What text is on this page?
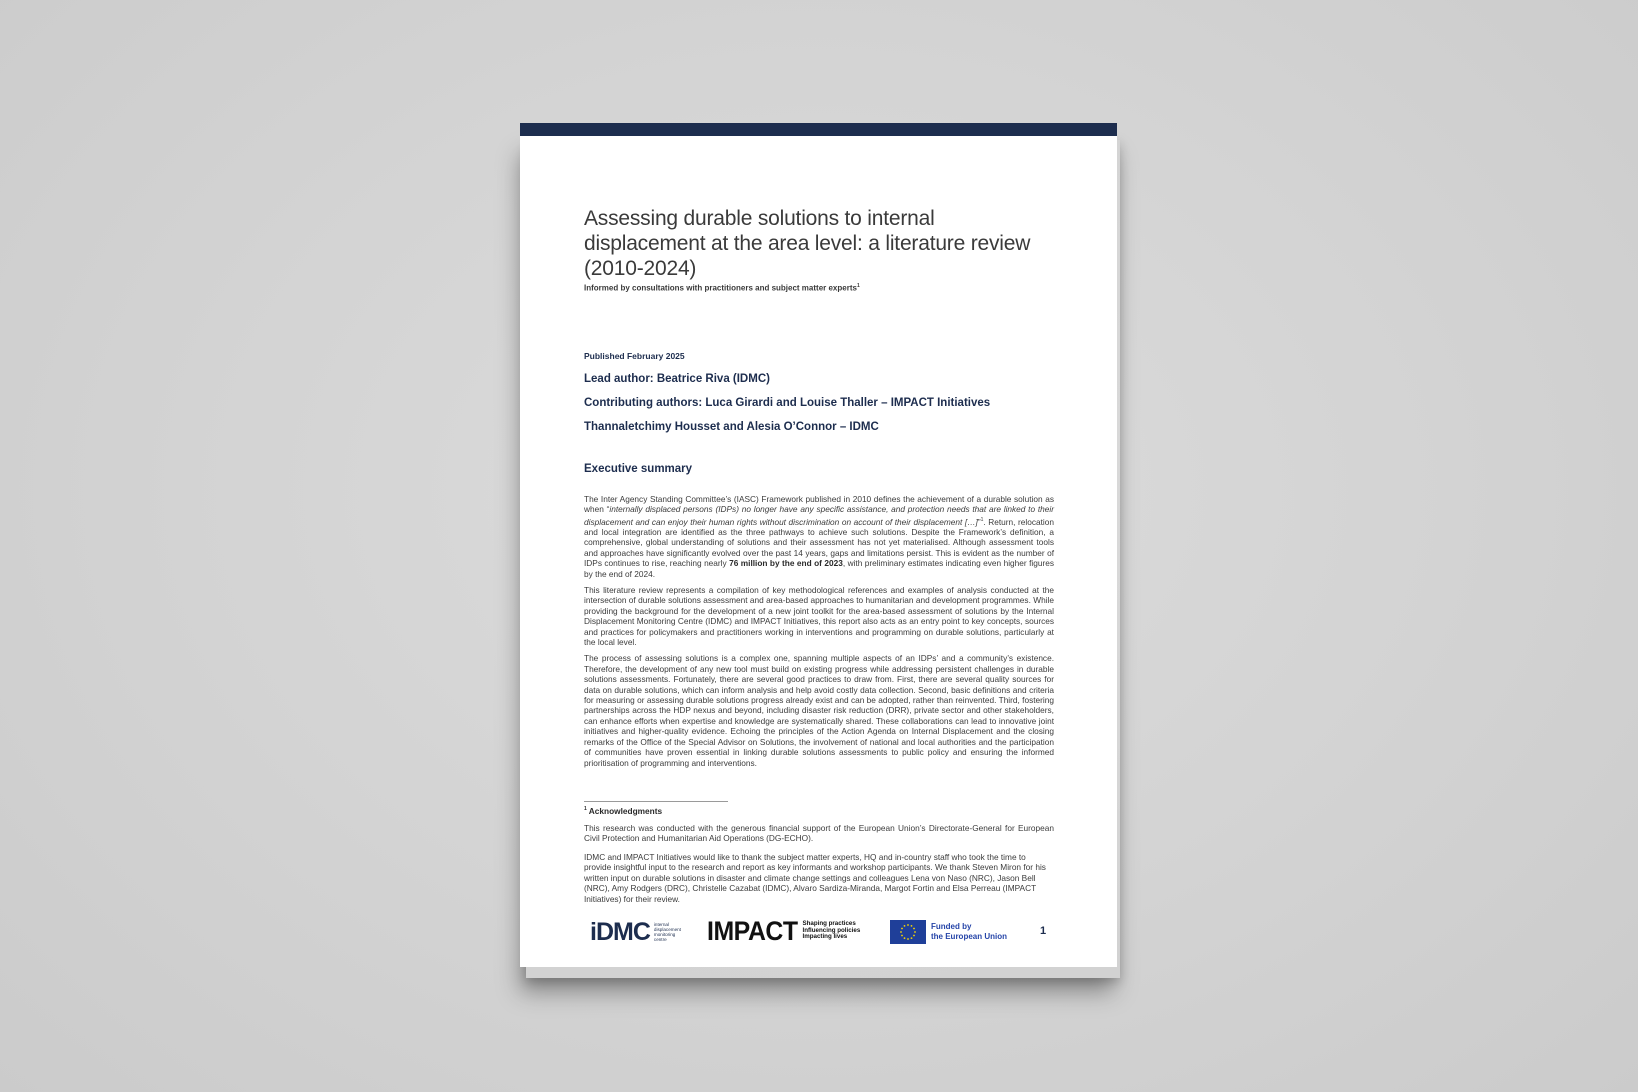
Assessing durable solutions to internal
displacement at the area level: a literature review
(2010-2024)
Informed by consultations with practitioners and subject matter experts$^1$
Published February 2025
Lead author: Beatrice Riva (IDMC)
Contributing authors: Luca Girardi and Louise Thaller – IMPACT Initiatives
Thannaletchimy Housset and Alesia O’Connor – IDMC
Executive summary

The Inter Agency Standing Committee’s (IASC) Framework published in 2010 defines the achievement of a durable solution as when “internally displaced persons (IDPs) no longer have any specific assistance, and protection needs that are linked to their displacement and can enjoy their human rights without discrimination on account of their displacement […]”$^1$. Return, relocation and local integration are identified as the three pathways to achieve such solutions. Despite the Framework’s definition, a comprehensive, global understanding of solutions and their assessment has not yet materialised. Although assessment tools and approaches have significantly evolved over the past 14 years, gaps and limitations persist. This is evident as the number of IDPs continues to rise, reaching nearly 76 million by the end of 2023, with preliminary estimates indicating even higher figures by the end of 2024.

This literature review represents a compilation of key methodological references and examples of analysis conducted at the intersection of durable solutions assessment and area-based approaches to humanitarian and development programmes. While providing the background for the development of a new joint toolkit for the area-based assessment of solutions by the Internal Displacement Monitoring Centre (IDMC) and IMPACT Initiatives, this report also acts as an entry point to key concepts, sources and practices for policymakers and practitioners working in interventions and programming on durable solutions, particularly at the local level.

The process of assessing solutions is a complex one, spanning multiple aspects of an IDPs’ and a community’s existence. Therefore, the development of any new tool must build on existing progress while addressing persistent challenges in durable solutions assessments. Fortunately, there are several good practices to draw from. First, there are several quality sources for data on durable solutions, which can inform analysis and help avoid costly data collection. Second, basic definitions and criteria for measuring or assessing durable solutions progress already exist and can be adopted, rather than reinvented. Third, fostering partnerships across the HDP nexus and beyond, including disaster risk reduction (DRR), private sector and other stakeholders, can enhance efforts when expertise and knowledge are systematically shared. These collaborations can lead to innovative joint initiatives and higher-quality evidence. Echoing the principles of the Action Agenda on Internal Displacement and the closing remarks of the Office of the Special Advisor on Solutions, the involvement of national and local authorities and the participation of communities have proven essential in linking durable solutions assessments to public policy and ensuring the informed prioritisation of programming and interventions.

$^1$ Acknowledgments
This research was conducted with the generous financial support of the European Union’s Directorate-General for European Civil Protection and Humanitarian Aid Operations (DG-ECHO).
IDMC and IMPACT Initiatives would like to thank the subject matter experts, HQ and in-country staff who took the time to provide insightful input to the research and report as key informants and workshop participants. We thank Steven Miron for his written input on durable solutions in disaster and climate change settings and colleagues Lena von Naso (NRC), Jason Bell (NRC), Amy Rodgers (DRC), Christelle Cazabat (IDMC), Alvaro Sardiza-Miranda, Margot Fortin and Elsa Perreau (IMPACT Initiatives) for their review.
iDMC internal
displacement
monitoring
centre	IMPACT Shaping practices
Influencing policies
Impacting lives
Funded by
the European Union	1
